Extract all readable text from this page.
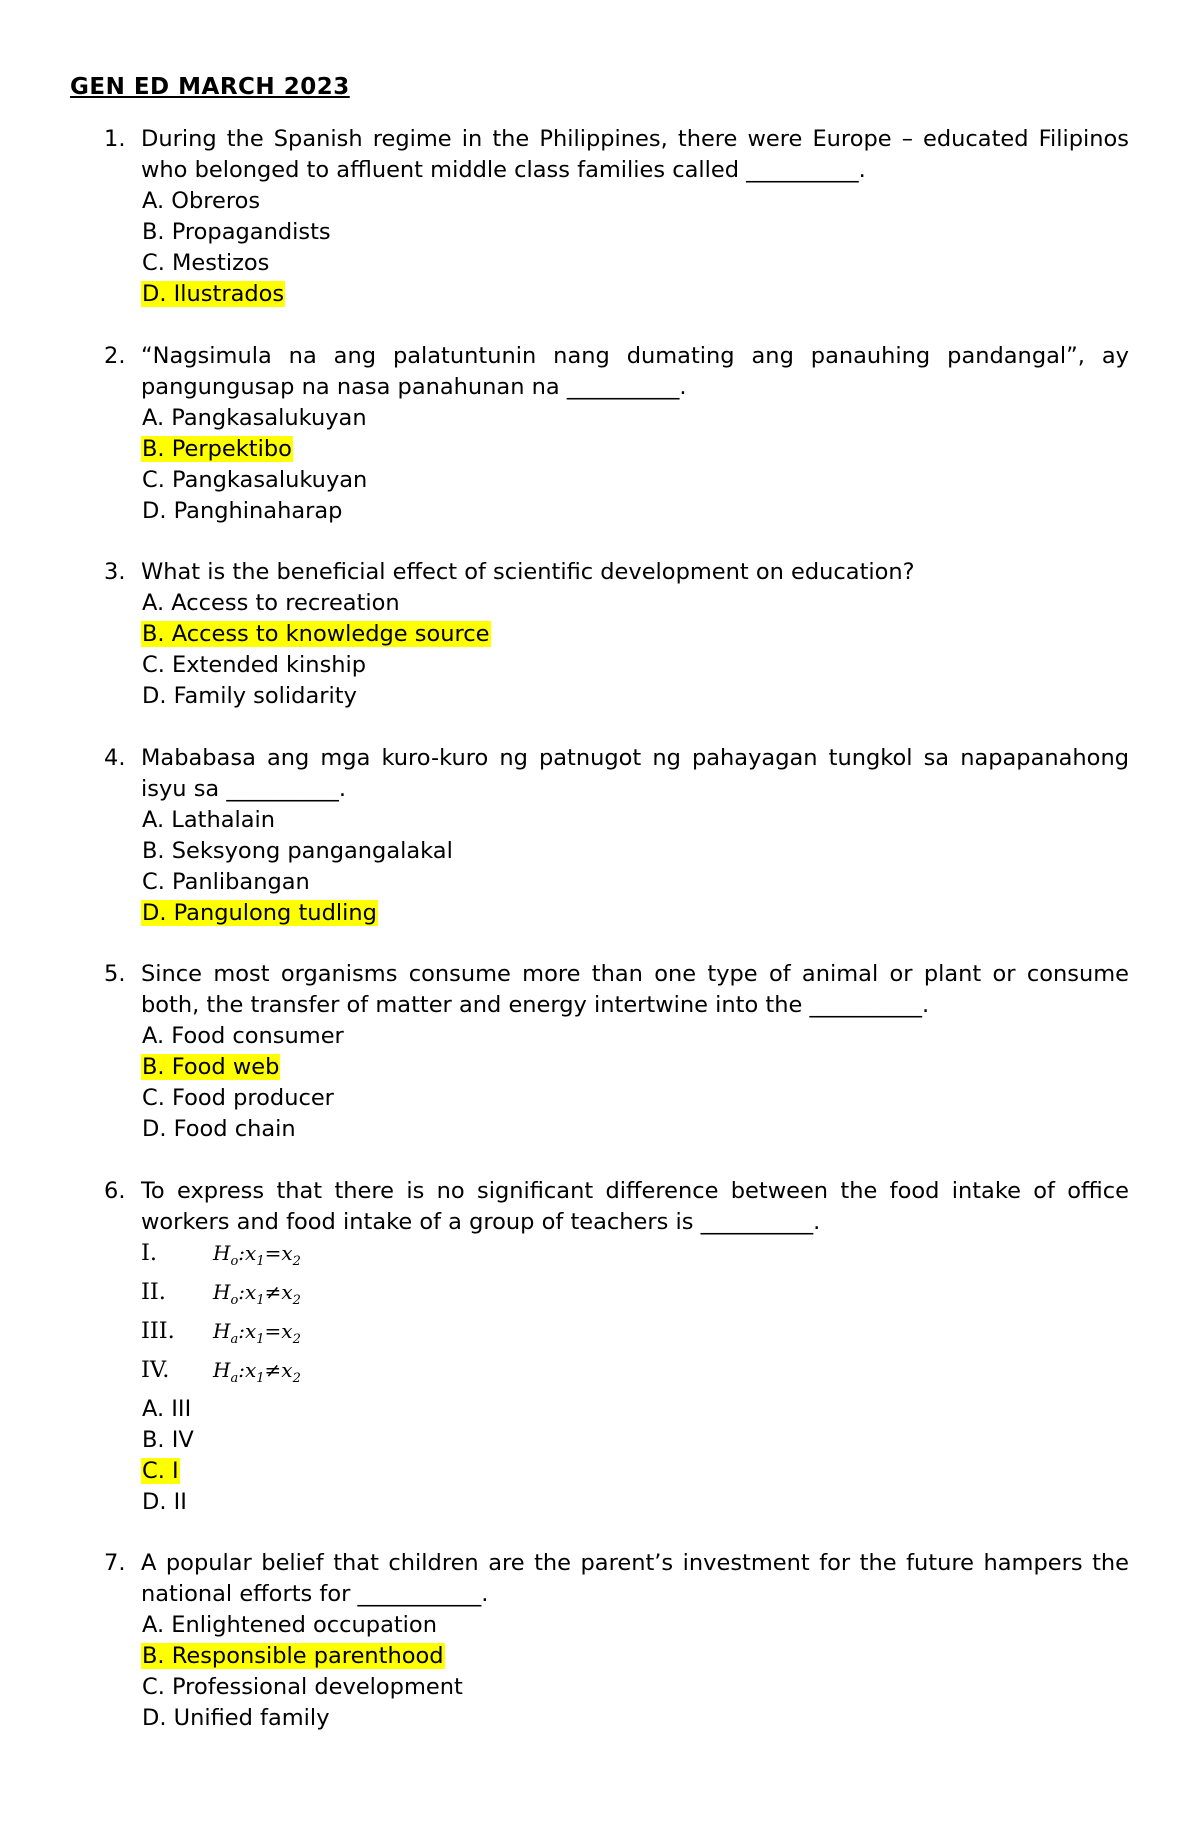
GEN ED MARCH 2023
1. During the Spanish regime in the Philippines, there were Europe – educated Filipinos who belonged to affluent middle class families called __________.

A. Obreros

B. Propagandists

C. Mestizos

D. Ilustrados

2. “Nagsimula na ang palatuntunin nang dumating ang panauhing pandangal”, ay pangungusap na nasa panahunan na __________.

A. Pangkasalukuyan

B. Perpektibo

C. Pangkasalukuyan

D. Panghinaharap

3. What is the beneficial effect of scientific development on education?

A. Access to recreation

B. Access to knowledge source

C. Extended kinship

D. Family solidarity

4. Mababasa ang mga kuro-kuro ng patnugot ng pahayagan tungkol sa napapanahong isyu sa __________.

A. Lathalain

B. Seksyong pangangalakal

C. Panlibangan

D. Pangulong tudling

5. Since most organisms consume more than one type of animal or plant or consume both, the transfer of matter and energy intertwine into the __________.

A. Food consumer

B. Food web

C. Food producer

D. Food chain

6. To express that there is no significant difference between the food intake of office workers and food intake of a group of teachers is __________.

I.	$H_o:x_1=x_2$
II.	$H_o:x_1\ne x_2$
III.	$H_a:x_1=x_2$
IV.	$H_a:x_1\ne x_2$

A. III

B. IV

C. I

D. II

7. A popular belief that children are the parent’s investment for the future hampers the national efforts for ___________.

A. Enlightened occupation

B. Responsible parenthood

C. Professional development

D. Unified family
